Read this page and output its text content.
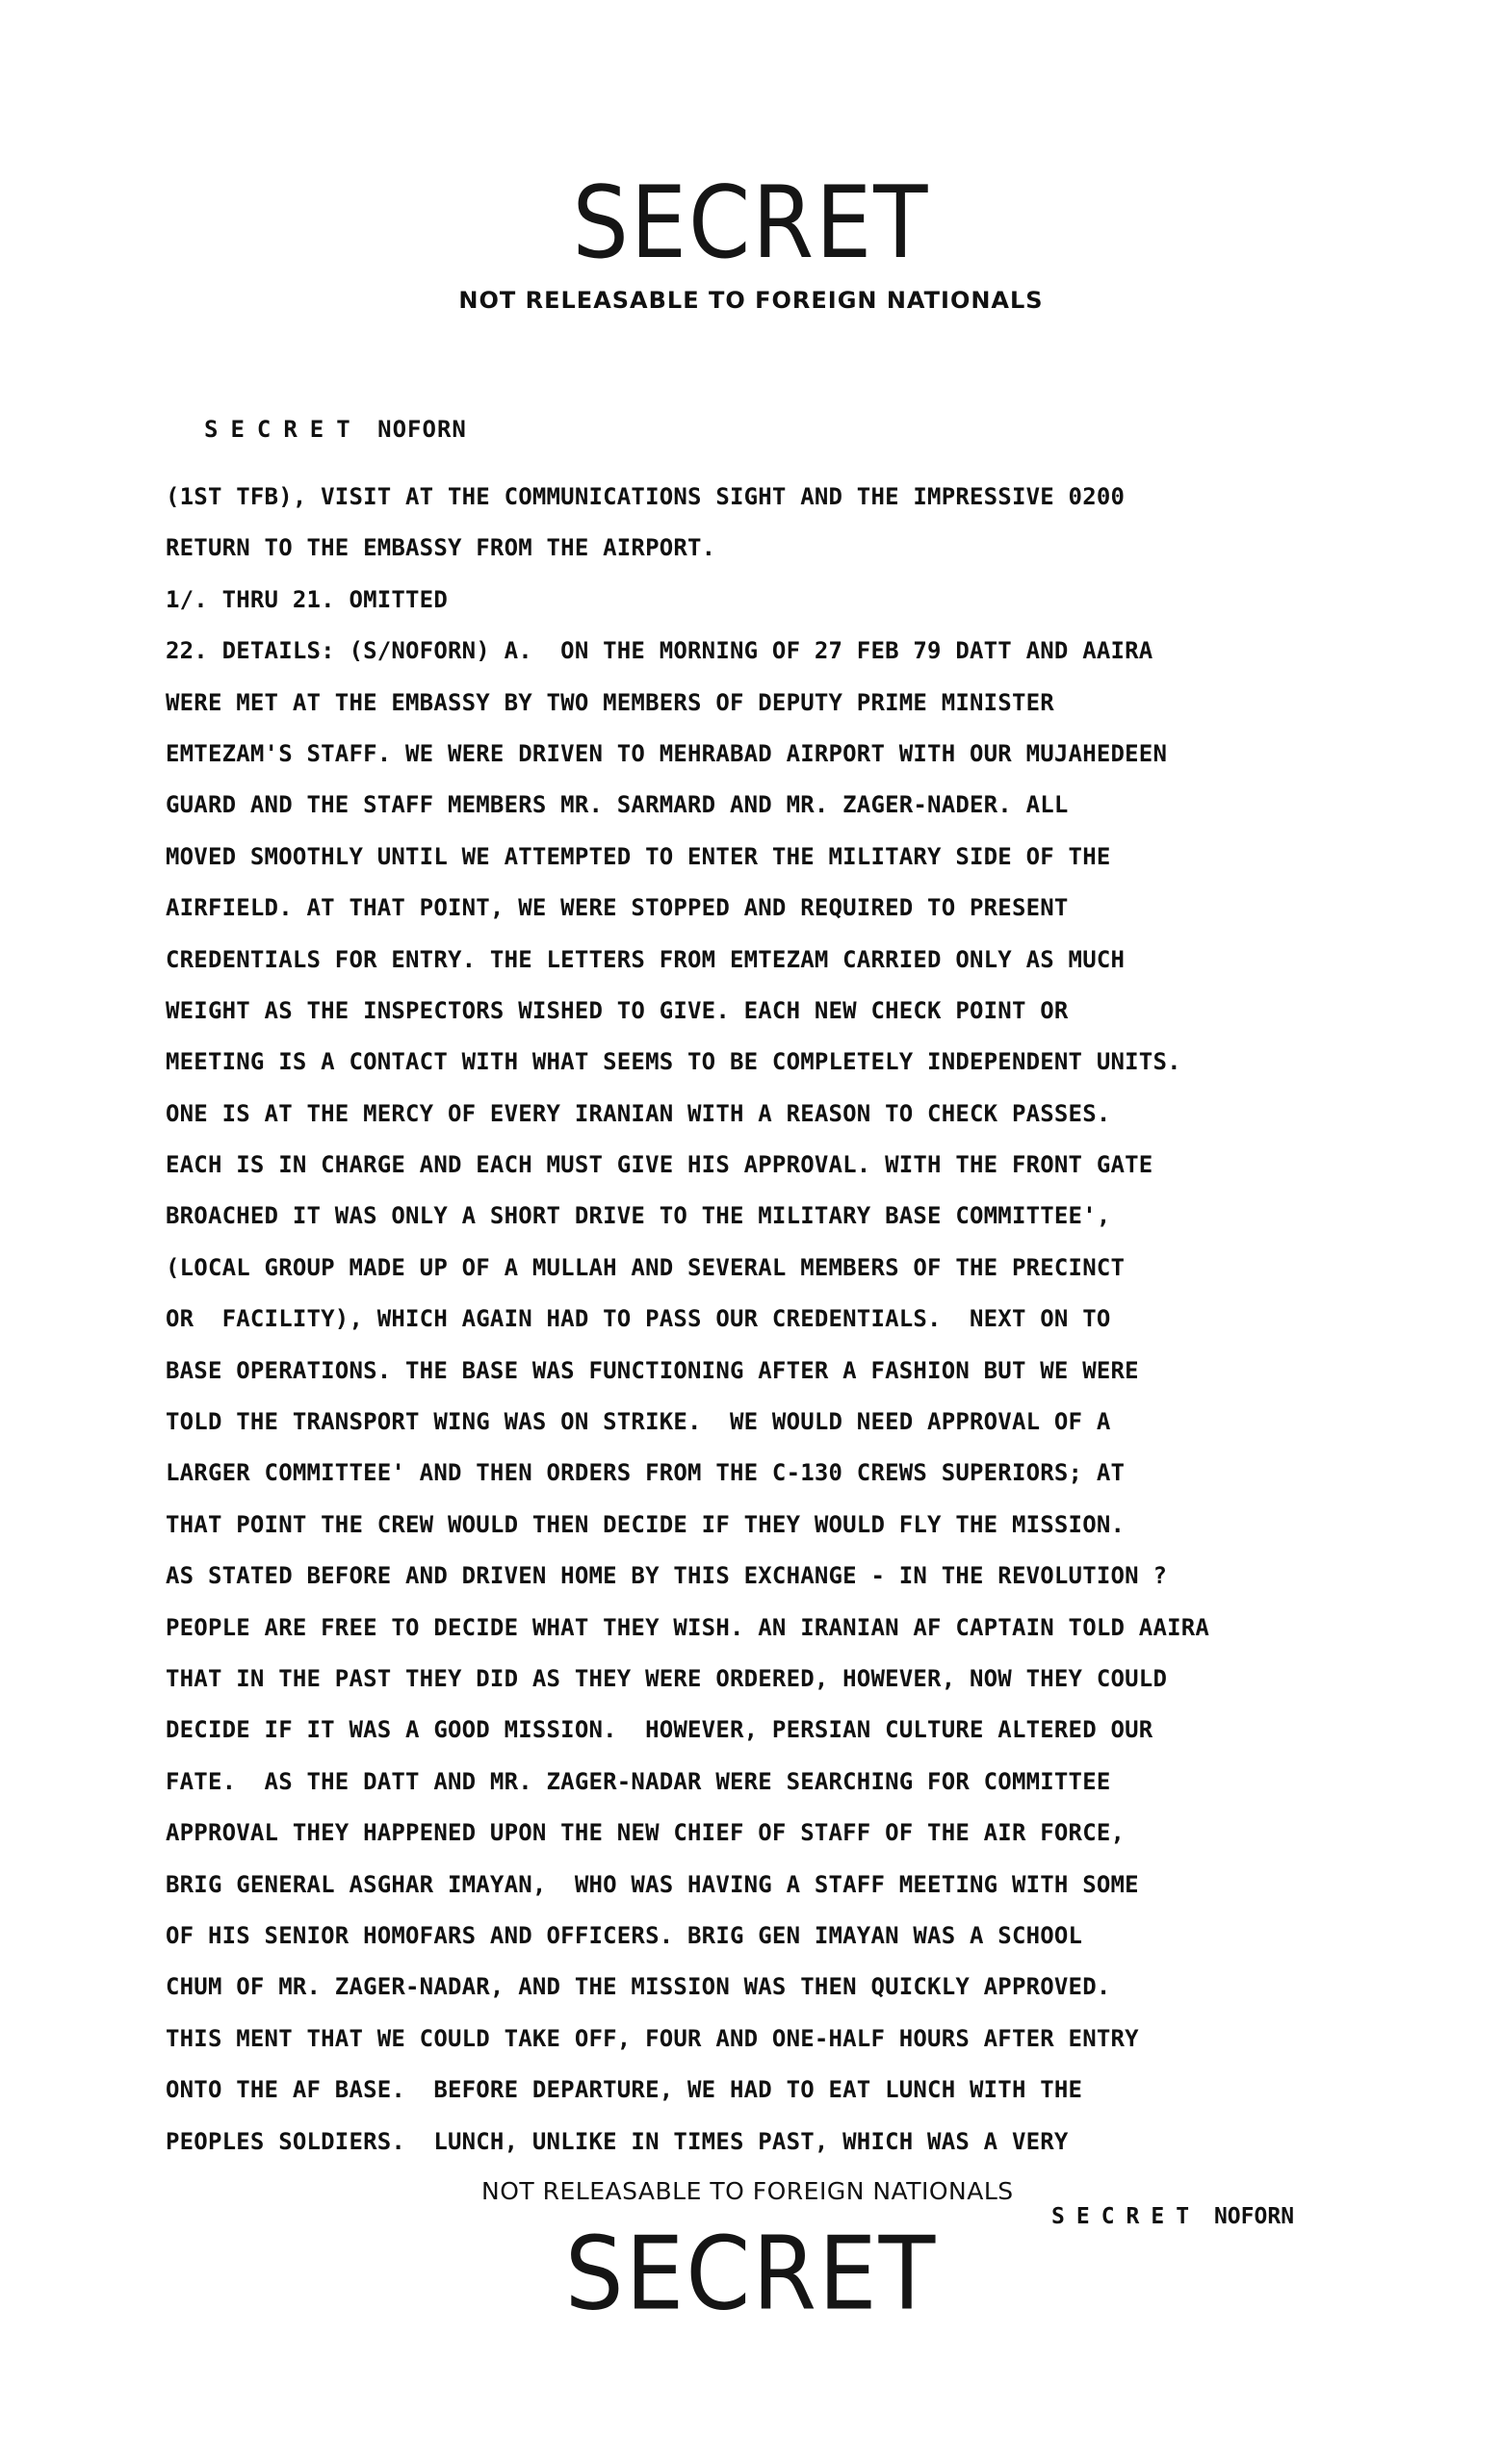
SECRET
NOT RELEASABLE TO FOREIGN NATIONALS
SECRET NOFORN
(1ST TFB), VISIT AT THE COMMUNICATIONS SIGHT AND THE IMPRESSIVE 0200
RETURN TO THE EMBASSY FROM THE AIRPORT.
1/. THRU 21. OMITTED
22. DETAILS: (S/NOFORN) A.  ON THE MORNING OF 27 FEB 79 DATT AND AAIRA
WERE MET AT THE EMBASSY BY TWO MEMBERS OF DEPUTY PRIME MINISTER
EMTEZAM'S STAFF. WE WERE DRIVEN TO MEHRABAD AIRPORT WITH OUR MUJAHEDEEN
GUARD AND THE STAFF MEMBERS MR. SARMARD AND MR. ZAGER-NADER. ALL
MOVED SMOOTHLY UNTIL WE ATTEMPTED TO ENTER THE MILITARY SIDE OF THE
AIRFIELD. AT THAT POINT, WE WERE STOPPED AND REQUIRED TO PRESENT
CREDENTIALS FOR ENTRY. THE LETTERS FROM EMTEZAM CARRIED ONLY AS MUCH
WEIGHT AS THE INSPECTORS WISHED TO GIVE. EACH NEW CHECK POINT OR
MEETING IS A CONTACT WITH WHAT SEEMS TO BE COMPLETELY INDEPENDENT UNITS.
ONE IS AT THE MERCY OF EVERY IRANIAN WITH A REASON TO CHECK PASSES.
EACH IS IN CHARGE AND EACH MUST GIVE HIS APPROVAL. WITH THE FRONT GATE
BROACHED IT WAS ONLY A SHORT DRIVE TO THE MILITARY BASE COMMITTEE',
(LOCAL GROUP MADE UP OF A MULLAH AND SEVERAL MEMBERS OF THE PRECINCT
OR  FACILITY), WHICH AGAIN HAD TO PASS OUR CREDENTIALS.  NEXT ON TO
BASE OPERATIONS. THE BASE WAS FUNCTIONING AFTER A FASHION BUT WE WERE
TOLD THE TRANSPORT WING WAS ON STRIKE.  WE WOULD NEED APPROVAL OF A
LARGER COMMITTEE' AND THEN ORDERS FROM THE C-130 CREWS SUPERIORS; AT
THAT POINT THE CREW WOULD THEN DECIDE IF THEY WOULD FLY THE MISSION.
AS STATED BEFORE AND DRIVEN HOME BY THIS EXCHANGE - IN THE REVOLUTION ?
PEOPLE ARE FREE TO DECIDE WHAT THEY WISH. AN IRANIAN AF CAPTAIN TOLD AAIRA
THAT IN THE PAST THEY DID AS THEY WERE ORDERED, HOWEVER, NOW THEY COULD
DECIDE IF IT WAS A GOOD MISSION.  HOWEVER, PERSIAN CULTURE ALTERED OUR
FATE.  AS THE DATT AND MR. ZAGER-NADAR WERE SEARCHING FOR COMMITTEE
APPROVAL THEY HAPPENED UPON THE NEW CHIEF OF STAFF OF THE AIR FORCE,
BRIG GENERAL ASGHAR IMAYAN,  WHO WAS HAVING A STAFF MEETING WITH SOME
OF HIS SENIOR HOMOFARS AND OFFICERS. BRIG GEN IMAYAN WAS A SCHOOL
CHUM OF MR. ZAGER-NADAR, AND THE MISSION WAS THEN QUICKLY APPROVED.
THIS MENT THAT WE COULD TAKE OFF, FOUR AND ONE-HALF HOURS AFTER ENTRY
ONTO THE AF BASE.  BEFORE DEPARTURE, WE HAD TO EAT LUNCH WITH THE
PEOPLES SOLDIERS.  LUNCH, UNLIKE IN TIMES PAST, WHICH WAS A VERY
NOT RELEASABLE TO FOREIGN NATIONALS
SECRET NOFORN
SECRET
